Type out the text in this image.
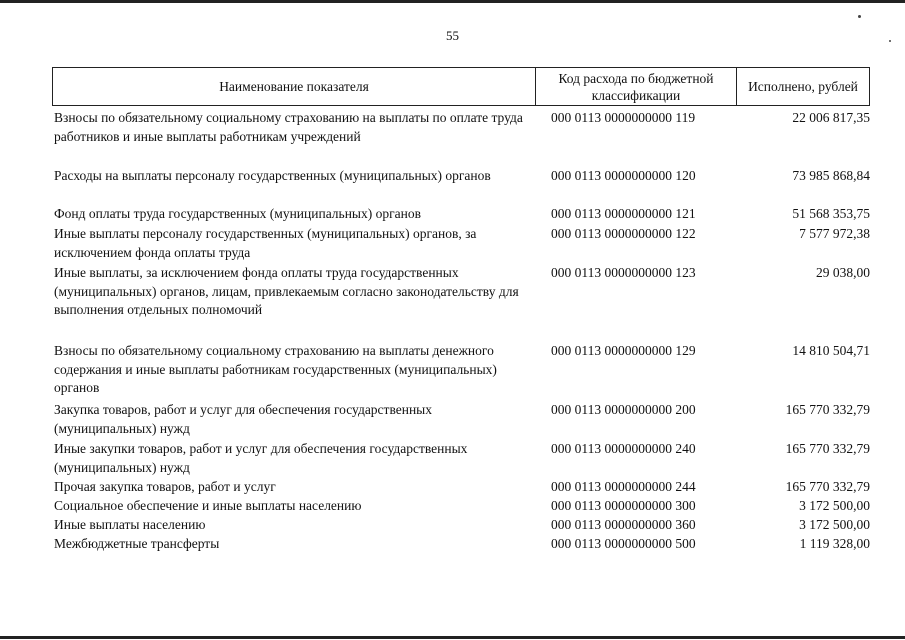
55
Наименование показателя
Код расхода по бюджетной классификации
Исполнено, рублей
Взносы по обязательному социальному страхованию на выплаты по оплате труда работников и иные выплаты работникам учреждений
000 0113 0000000000 119	22 006 817,35
Расходы на выплаты персоналу государственных (муниципальных) органов	000 0113 0000000000 120	73 985 868,84
Фонд оплаты труда государственных (муниципальных) органов	000 0113 0000000000 121	51 568 353,75
Иные выплаты персоналу государственных (муниципальных) органов, за исключением фонда оплаты труда
000 0113 0000000000 122	7 577 972,38
Иные выплаты, за исключением фонда оплаты труда государственных (муниципальных) органов, лицам, привлекаемым согласно законодательству для выполнения отдельных полномочий
000 0113 0000000000 123	29 038,00
Взносы по обязательному социальному страхованию на выплаты денежного содержания и иные выплаты работникам государственных (муниципальных) органов
000 0113 0000000000 129	14 810 504,71
Закупка товаров, работ и услуг для обеспечения государственных (муниципальных) нужд
000 0113 0000000000 200	165 770 332,79
Иные закупки товаров, работ и услуг для обеспечения государственных (муниципальных) нужд
000 0113 0000000000 240	165 770 332,79
Прочая закупка товаров, работ и услуг	000 0113 0000000000 244	165 770 332,79
Социальное обеспечение и иные выплаты населению	000 0113 0000000000 300	3 172 500,00
Иные выплаты населению	000 0113 0000000000 360	3 172 500,00
Межбюджетные трансферты	000 0113 0000000000 500	1 119 328,00
